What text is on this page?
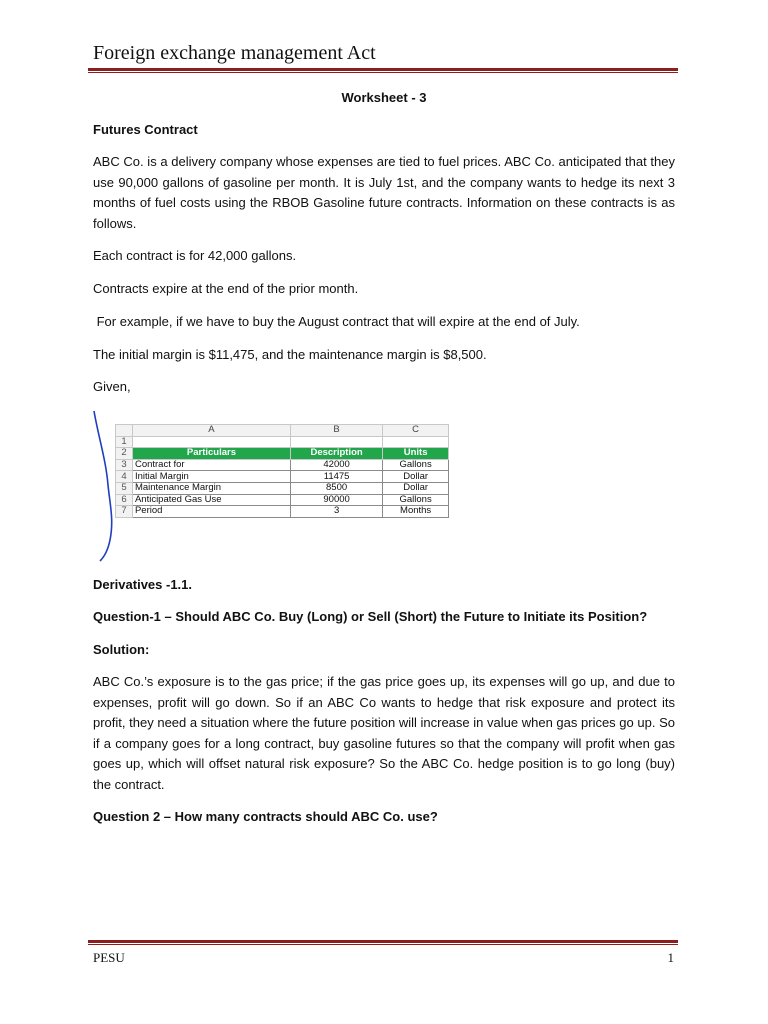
Foreign exchange management Act
Worksheet - 3
Futures Contract
ABC Co. is a delivery company whose expenses are tied to fuel prices. ABC Co. anticipated that they use 90,000 gallons of gasoline per month. It is July 1st, and the company wants to hedge its next 3 months of fuel costs using the RBOB Gasoline future contracts. Information on these contracts is as follows.
Each contract is for 42,000 gallons.
Contracts expire at the end of the prior month.
For example, if we have to buy the August contract that will expire at the end of July.
The initial margin is $11,475, and the maintenance margin is $8,500.
Given,
	A	B	C
1			
2	Particulars	Description	Units
3	Contract for	42000	Gallons
4	Initial Margin	11475	Dollar
5	Maintenance Margin	8500	Dollar
6	Anticipated Gas Use	90000	Gallons
7	Period	3	Months
Derivatives -1.1.
Question-1 – Should ABC Co. Buy (Long) or Sell (Short) the Future to Initiate its Position?
Solution:
ABC Co.’s exposure is to the gas price; if the gas price goes up, its expenses will go up, and due to expenses, profit will go down. So if an ABC Co wants to hedge that risk exposure and protect its profit, they need a situation where the future position will increase in value when gas prices go up. So if a company goes for a long contract, buy gasoline futures so that the company will profit when gas goes up, which will offset natural risk exposure? So the ABC Co. hedge position is to go long (buy) the contract.
Question 2 – How many contracts should ABC Co. use?
PESU	1
